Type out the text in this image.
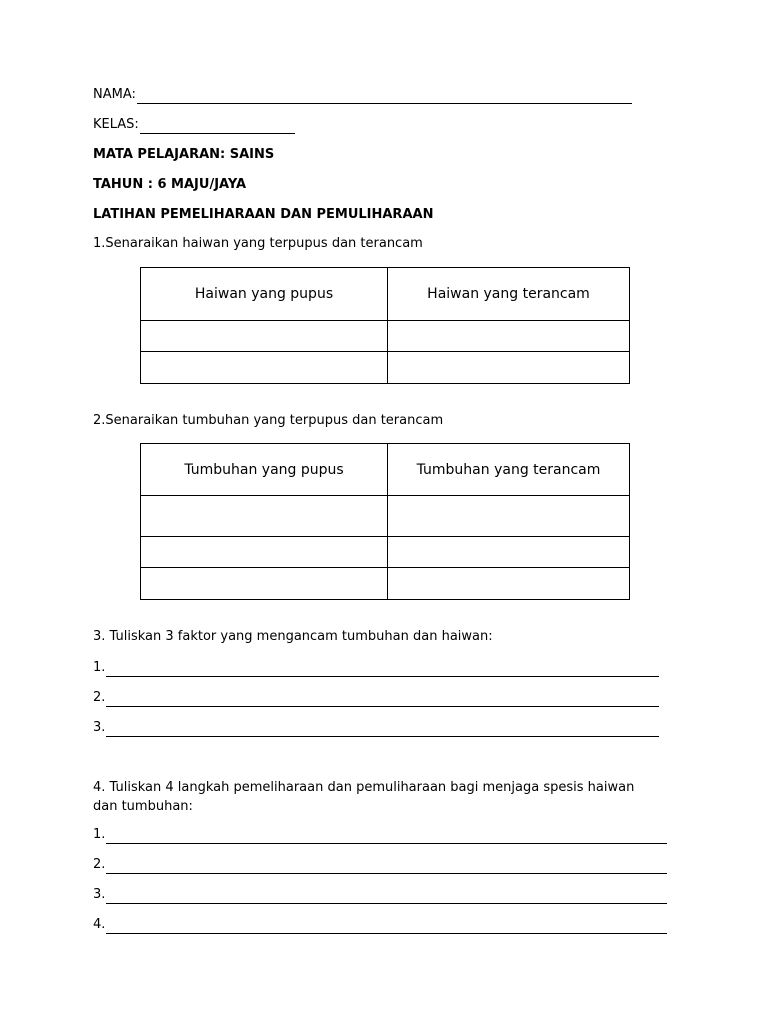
NAMA:
KELAS:
MATA PELAJARAN: SAINS
TAHUN : 6 MAJU/JAYA
LATIHAN PEMELIHARAAN DAN PEMULIHARAAN
1.Senaraikan haiwan yang terpupus dan terancam
Haiwan yang pupus	Haiwan yang terancam

2.Senaraikan tumbuhan yang terpupus dan terancam
Tumbuhan yang pupus	Tumbuhan yang terancam

3. Tuliskan 3 faktor yang mengancam tumbuhan dan haiwan:
1.
2.
3.
4. Tuliskan 4 langkah pemeliharaan dan pemuliharaan bagi menjaga spesis haiwan dan tumbuhan:
1.
2.
3.
4.
